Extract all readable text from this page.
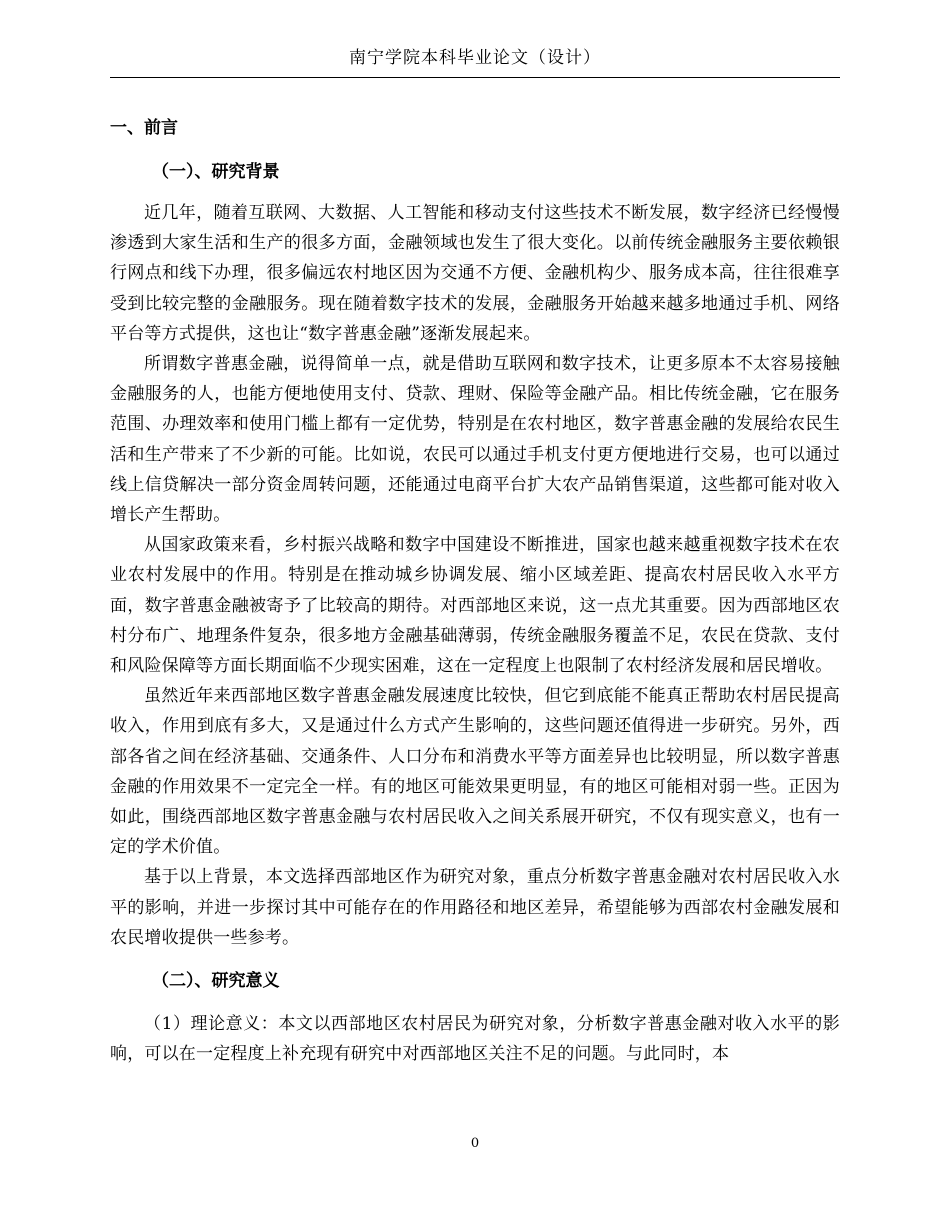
南宁学院本科毕业论文（设计）
一、前言
（一）、研究背景

近几年，随着互联网、大数据、人工智能和移动支付这些技术不断发展，数字经济已经慢慢渗透到大家生活和生产的很多方面，金融领域也发生了很大变化。以前传统金融服务主要依赖银行网点和线下办理，很多偏远农村地区因为交通不方便、金融机构少、服务成本高，往往很难享受到比较完整的金融服务。现在随着数字技术的发展，金融服务开始越来越多地通过手机、网络平台等方式提供，这也让“数字普惠金融”逐渐发展起来。

所谓数字普惠金融，说得简单一点，就是借助互联网和数字技术，让更多原本不太容易接触金融服务的人，也能方便地使用支付、贷款、理财、保险等金融产品。相比传统金融，它在服务范围、办理效率和使用门槛上都有一定优势，特别是在农村地区，数字普惠金融的发展给农民生活和生产带来了不少新的可能。比如说，农民可以通过手机支付更方便地进行交易，也可以通过线上信贷解决一部分资金周转问题，还能通过电商平台扩大农产品销售渠道，这些都可能对收入增长产生帮助。

从国家政策来看，乡村振兴战略和数字中国建设不断推进，国家也越来越重视数字技术在农业农村发展中的作用。特别是在推动城乡协调发展、缩小区域差距、提高农村居民收入水平方面，数字普惠金融被寄予了比较高的期待。对西部地区来说，这一点尤其重要。因为西部地区农村分布广、地理条件复杂，很多地方金融基础薄弱，传统金融服务覆盖不足，农民在贷款、支付和风险保障等方面长期面临不少现实困难，这在一定程度上也限制了农村经济发展和居民增收。

虽然近年来西部地区数字普惠金融发展速度比较快，但它到底能不能真正帮助农村居民提高收入，作用到底有多大，又是通过什么方式产生影响的，这些问题还值得进一步研究。另外，西部各省之间在经济基础、交通条件、人口分布和消费水平等方面差异也比较明显，所以数字普惠金融的作用效果不一定完全一样。有的地区可能效果更明显，有的地区可能相对弱一些。正因为如此，围绕西部地区数字普惠金融与农村居民收入之间关系展开研究，不仅有现实意义，也有一定的学术价值。

基于以上背景，本文选择西部地区作为研究对象，重点分析数字普惠金融对农村居民收入水平的影响，并进一步探讨其中可能存在的作用路径和地区差异，希望能够为西部农村金融发展和农民增收提供一些参考。

（二）、研究意义

（1）理论意义：本文以西部地区农村居民为研究对象，分析数字普惠金融对收入水平的影响，可以在一定程度上补充现有研究中对西部地区关注不足的问题。与此同时，本

0
